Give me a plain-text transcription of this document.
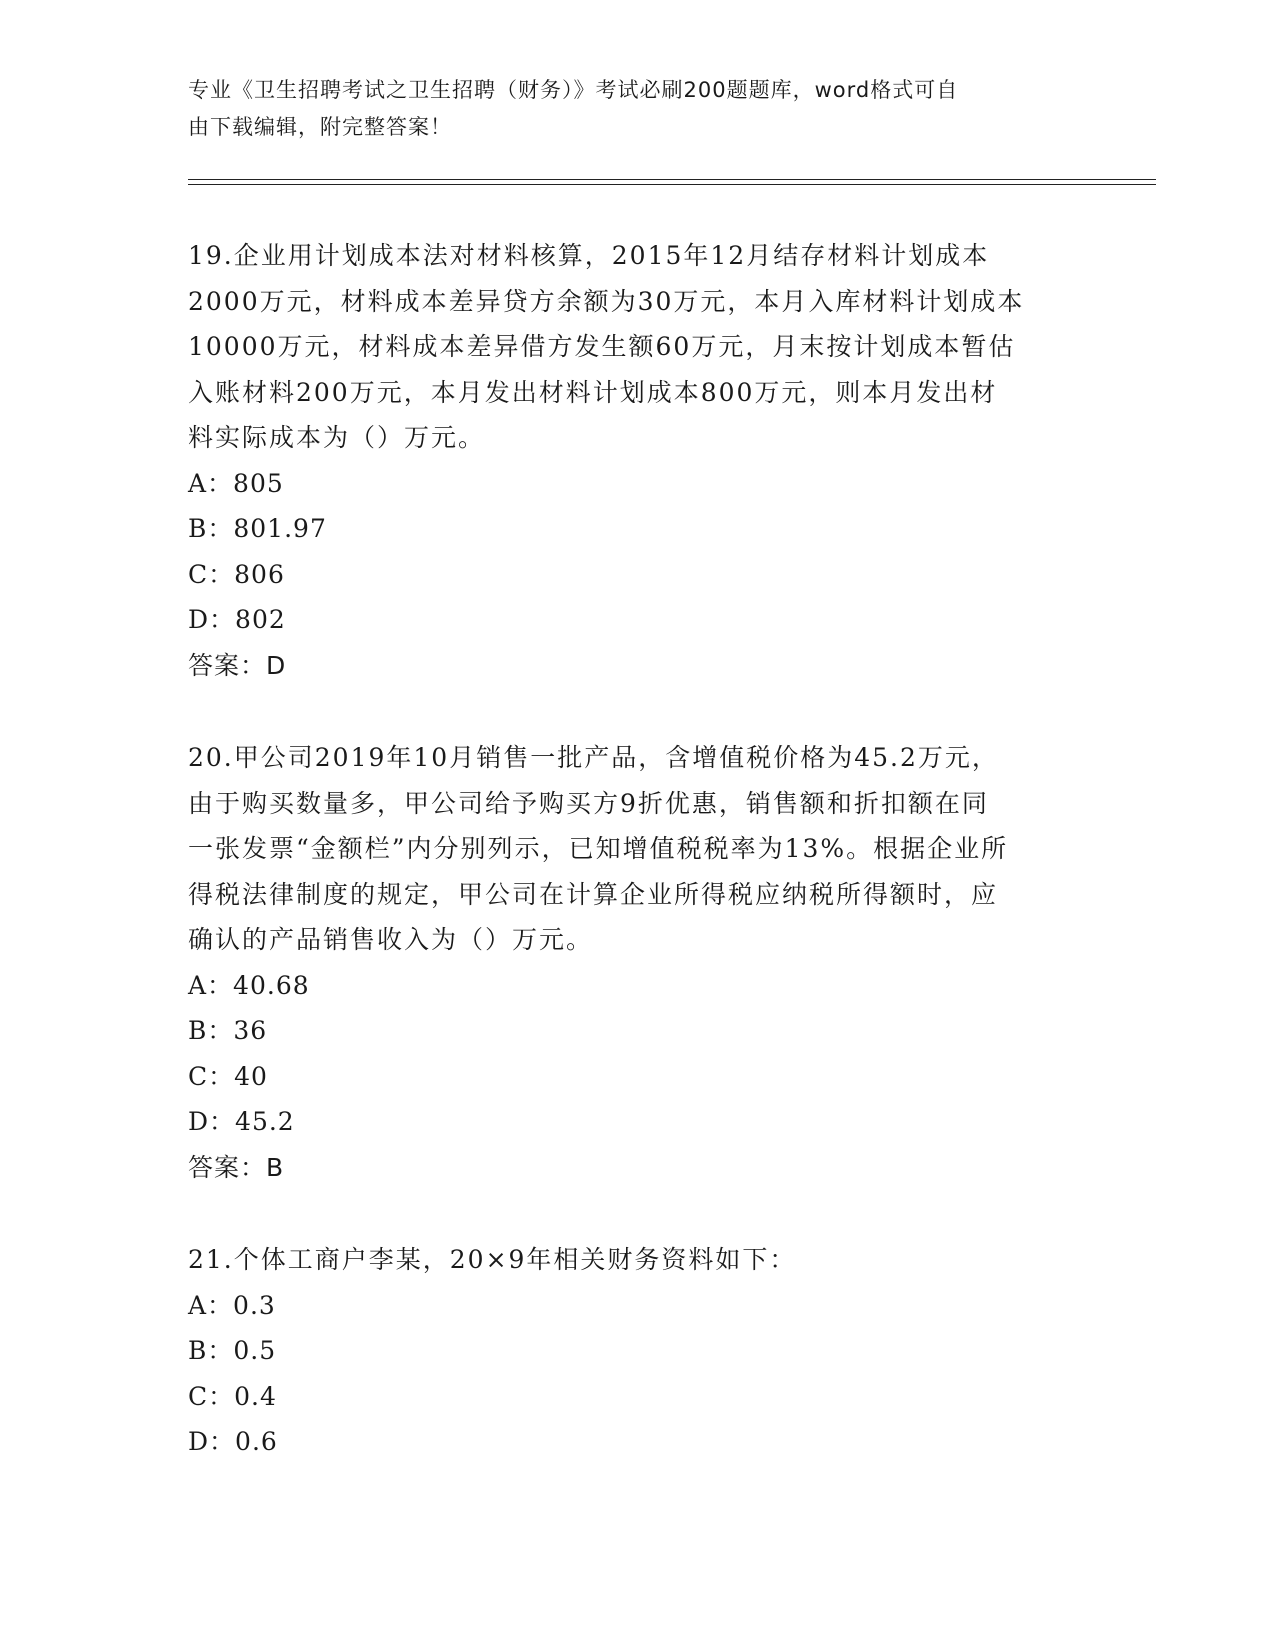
专业《卫生招聘考试之卫生招聘（财务）》考试必刷200题题库，word格式可自
由下载编辑，附完整答案！

19.企业用计划成本法对材料核算，2015年12月结存材料计划成本

2000万元，材料成本差异贷方余额为30万元，本月入库材料计划成本

10000万元，材料成本差异借方发生额60万元，月末按计划成本暂估

入账材料200万元，本月发出材料计划成本800万元，则本月发出材

料实际成本为（）万元。

A：805

B：801.97

C：806

D：802

答案：D

20.甲公司2019年10月销售一批产品，含增值税价格为45.2万元，

由于购买数量多，甲公司给予购买方9折优惠，销售额和折扣额在同

一张发票“金额栏”内分别列示，已知增值税税率为13%。根据企业所

得税法律制度的规定，甲公司在计算企业所得税应纳税所得额时，应

确认的产品销售收入为（）万元。

A：40.68

B：36

C：40

D：45.2

答案：B

21.个体工商户李某，20×9年相关财务资料如下：

A：0.3

B：0.5

C：0.4

D：0.6
